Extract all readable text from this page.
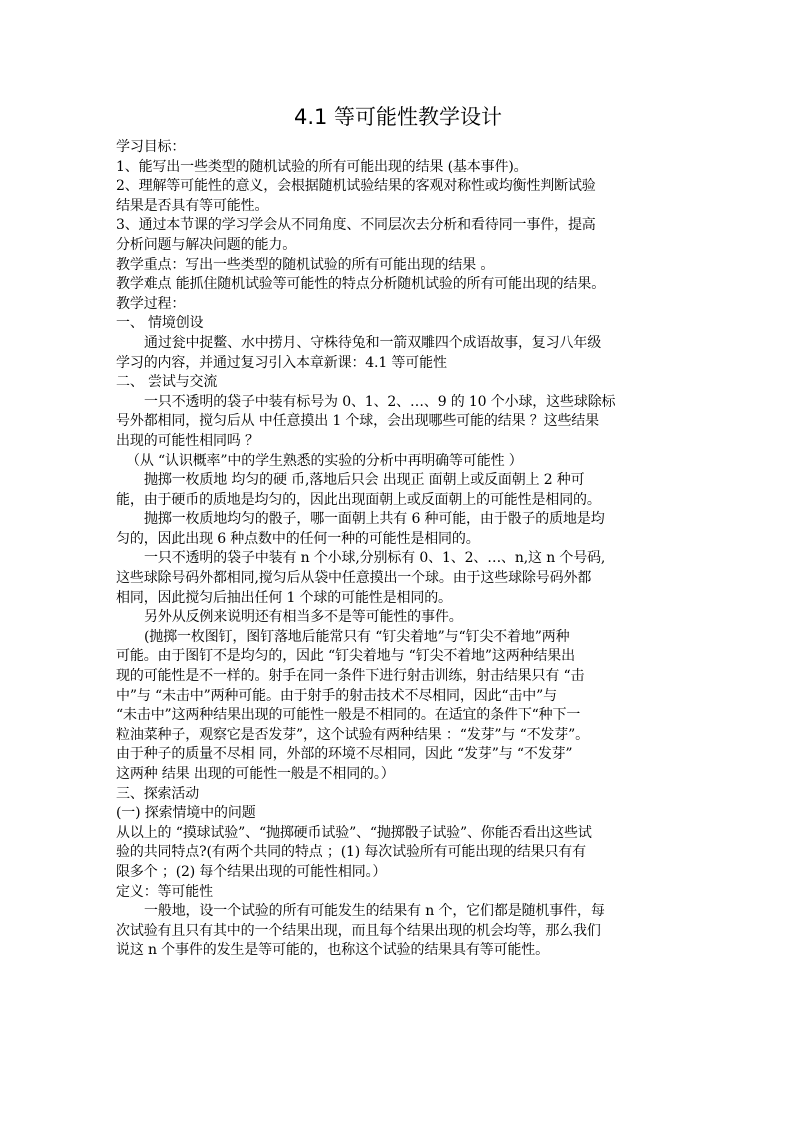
4.1 等可能性教学设计
学习目标：
1、能写出一些类型的随机试验的所有可能出现的结果 (基本事件)。
2、理解等可能性的意义，会根据随机试验结果的客观对称性或均衡性判断试验
结果是否具有等可能性。
3、通过本节课的学习学会从不同角度、不同层次去分析和看待同一事件，提高
分析问题与解决问题的能力。
教学重点：写出一些类型的随机试验的所有可能出现的结果 。
教学难点 能抓住随机试验等可能性的特点分析随机试验的所有可能出现的结果。
教学过程：
一、 情境创设
通过瓮中捉鳖、水中捞月、守株待兔和一箭双雕四个成语故事，复习八年级
学习的内容，并通过复习引入本章新课：4.1 等可能性
二、 尝试与交流
一只不透明的袋子中装有标号为 0、1、2、…、9 的 10 个小球，这些球除标
号外都相同，搅匀后从 中任意摸出 1 个球，会出现哪些可能的结果 ？这些结果
出现的可能性相同吗 ？
（从 “认识概率”中的学生熟悉的实验的分析中再明确等可能性 ）
抛掷一枚质地 均匀的硬 币,落地后只会 出现正 面朝上或反面朝上 2 种可
能，由于硬币的质地是均匀的，因此出现面朝上或反面朝上的可能性是相同的。
抛掷一枚质地均匀的骰子，哪一面朝上共有 6 种可能，由于骰子的质地是均
匀的，因此出现 6 种点数中的任何一种的可能性是相同的。
一只不透明的袋子中装有 n 个小球,分别标有 0、1、2、…、n,这 n 个号码,
这些球除号码外都相同,搅匀后从袋中任意摸出一个球。由于这些球除号码外都
相同，因此搅匀后抽出任何 1 个球的可能性是相同的。
另外从反例来说明还有相当多不是等可能性的事件。
(抛掷一枚图钉，图钉落地后能常只有 “钉尖着地”与“钉尖不着地”两种
可能。由于图钉不是均匀的，因此 “钉尖着地与 “钉尖不着地”这两种结果出
现的可能性是不一样的。射手在同一条件下进行射击训练，射击结果只有 “击
中”与 “未击中”两种可能。由于射手的射击技术不尽相同，因此“击中”与
“未击中”这两种结果出现的可能性一般是不相同的。在适宜的条件下“种下一
粒油菜种子，观察它是否发芽”，这个试验有两种结果 ：“发芽”与 “不发芽”。
由于种子的质量不尽相 同，外部的环境不尽相同，因此 “发芽”与 “不发芽”
这两种 结果 出现的可能性一般是不相同的。）
三、探索活动
(一) 探索情境中的问题
从以上的 “摸球试验”、“抛掷硬币试验”、“抛掷骰子试验”、你能否看出这些试
验的共同特点?(有两个共同的特点 ；(1) 每次试验所有可能出现的结果只有有
限多个 ；(2) 每个结果出现的可能性相同。）
定义：等可能性
一般地，设一个试验的所有可能发生的结果有 n 个，它们都是随机事件，每
次试验有且只有其中的一个结果出现，而且每个结果出现的机会均等，那么我们
说这 n 个事件的发生是等可能的，也称这个试验的结果具有等可能性。
